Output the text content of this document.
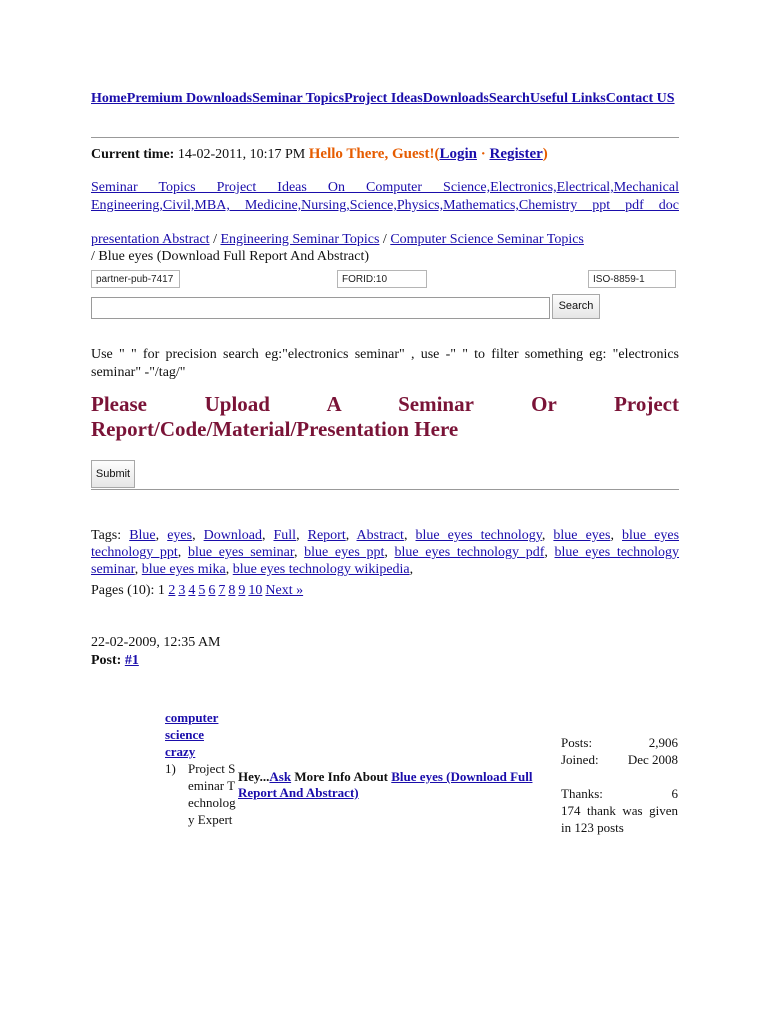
HomePremium DownloadsSeminar TopicsProject IdeasDownloadsSearchUseful LinksContact US
Current time: 14-02-2011, 10:17 PM Hello There, Guest!(Login · Register)
Seminar Topics Project Ideas On Computer Science,Electronics,Electrical,Mechanical Engineering,Civil,MBA, Medicine,Nursing,Science,Physics,Mathematics,Chemistry ppt pdf doc
presentation Abstract / Engineering Seminar Topics / Computer Science Seminar Topics
/ Blue eyes (Download Full Report And Abstract)
partner-pub-7417	FORID:10	ISO-8859-1
Search
Use " " for precision search eg:"electronics seminar" , use -" " to filter something eg: "electronics seminar" -"/tag/"
Please Upload A Seminar Or Project Report/Code/Material/Presentation Here
Submit
Tags: Blue, eyes, Download, Full, Report, Abstract, blue eyes technology, blue eyes, blue eyes technology ppt, blue eyes seminar, blue eyes ppt, blue eyes technology pdf, blue eyes technology seminar, blue eyes mika, blue eyes technology wikipedia,
Pages (10): 1 2 3 4 5 6 7 8 9 10 Next »
22-02-2009, 12:35 AM
Post: #1
computer science crazy
1) Project Seminar Technology Expert
Hey...Ask More Info About Blue eyes (Download Full Report And Abstract)
Posts:	2,906
Joined: Dec 2008
Thanks:	6
174 thank was given in 123 posts
